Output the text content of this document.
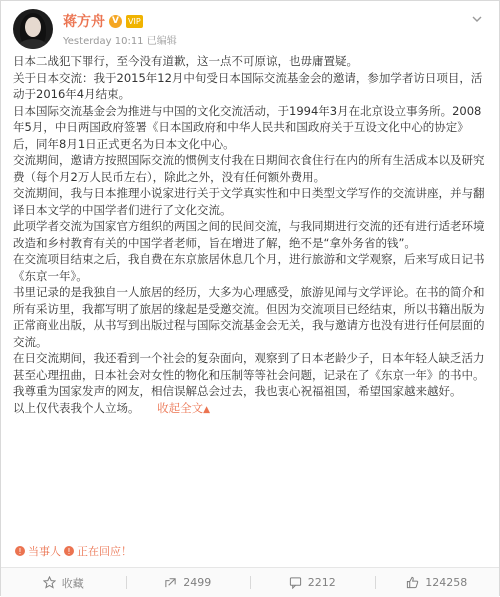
蒋方舟 V	VIP
Yesterday 10:11 已编辑

日本二战犯下罪行，至今没有道歉，这一点不可原谅，也毋庸置疑。

关于日本交流：我于2015年12月中旬受日本国际交流基金会的邀请，参加学者访日项目，活动于2016年4月结束。

日本国际交流基金会为推进与中国的文化交流活动，于1994年3月在北京设立事务所。2008年5月，中日两国政府签署《日本国政府和中华人民共和国政府关于互设文化中心的协定》后，同年8月1日正式更名为日本文化中心。

交流期间，邀请方按照国际交流的惯例支付我在日期间衣食住行在内的所有生活成本以及研究费（每个月2万人民币左右），除此之外，没有任何额外费用。

交流期间，我与日本推理小说家进行关于文学真实性和中日类型文学写作的交流讲座，并与翻译日本文学的中国学者们进行了文化交流。

此项学者交流为国家官方组织的两国之间的民间交流，与我同期进行交流的还有进行适老环境改造和乡村教育有关的中国学者老师，旨在增进了解，绝不是“拿外务省的钱”。

在交流项目结束之后，我自费在东京旅居休息几个月，进行旅游和文学观察，后来写成日记书《东京一年》。

书里记录的是我独自一人旅居的经历，大多为心理感受，旅游见闻与文学评论。在书的简介和所有采访里，我都写明了旅居的缘起是受邀交流。但因为交流项目已经结束，所以书籍出版为正常商业出版，从书写到出版过程与国际交流基金会无关，我与邀请方也没有进行任何层面的交流。

在日交流期间，我还看到一个社会的复杂面向，观察到了日本老龄少子，日本年轻人缺乏活力甚至心理扭曲，日本社会对女性的物化和压制等等社会问题，记录在了《东京一年》的书中。

我尊重为国家发声的网友，相信误解总会过去，我也衷心祝福祖国，希望国家越来越好。

以上仅代表我个人立场。 收起全文▲

! 当事人 ! 正在回应！
收藏	2499	2212	124258
